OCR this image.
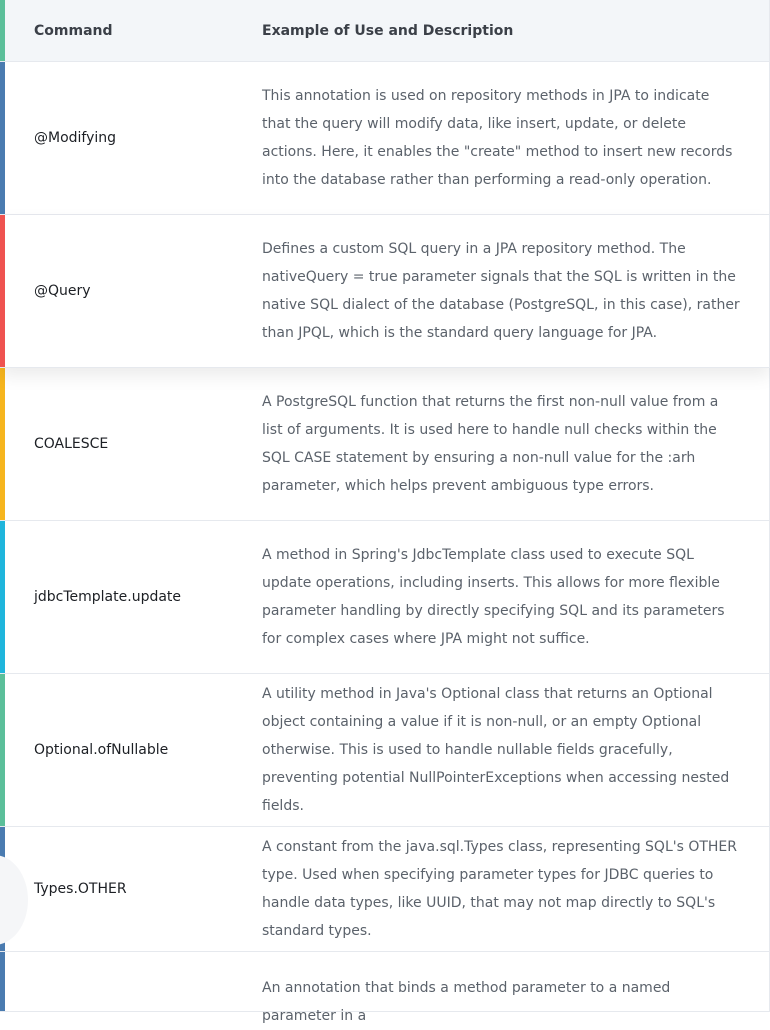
Command	Example of Use and Description
@Modifying
This annotation is used on repository methods in JPA to indicate that the query will modify data, like insert, update, or delete actions. Here, it enables the "create" method to insert new records into the database rather than performing a read-only operation.
@Query
Defines a custom SQL query in a JPA repository method. The nativeQuery = true parameter signals that the SQL is written in the native SQL dialect of the database (PostgreSQL, in this case), rather than JPQL, which is the standard query language for JPA.
COALESCE
A PostgreSQL function that returns the first non-null value from a list of arguments. It is used here to handle null checks within the SQL CASE statement by ensuring a non-null value for the :arh parameter, which helps prevent ambiguous type errors.
jdbcTemplate.update
A method in Spring's JdbcTemplate class used to execute SQL update operations, including inserts. This allows for more flexible parameter handling by directly specifying SQL and its parameters for complex cases where JPA might not suffice.
Optional.ofNullable
A utility method in Java's Optional class that returns an Optional object containing a value if it is non-null, or an empty Optional otherwise. This is used to handle nullable fields gracefully, preventing potential NullPointerExceptions when accessing nested fields.
Types.OTHER
A constant from the java.sql.Types class, representing SQL's OTHER type. Used when specifying parameter types for JDBC queries to handle data types, like UUID, that may not map directly to SQL's standard types.
An annotation that binds a method parameter to a named parameter in a
